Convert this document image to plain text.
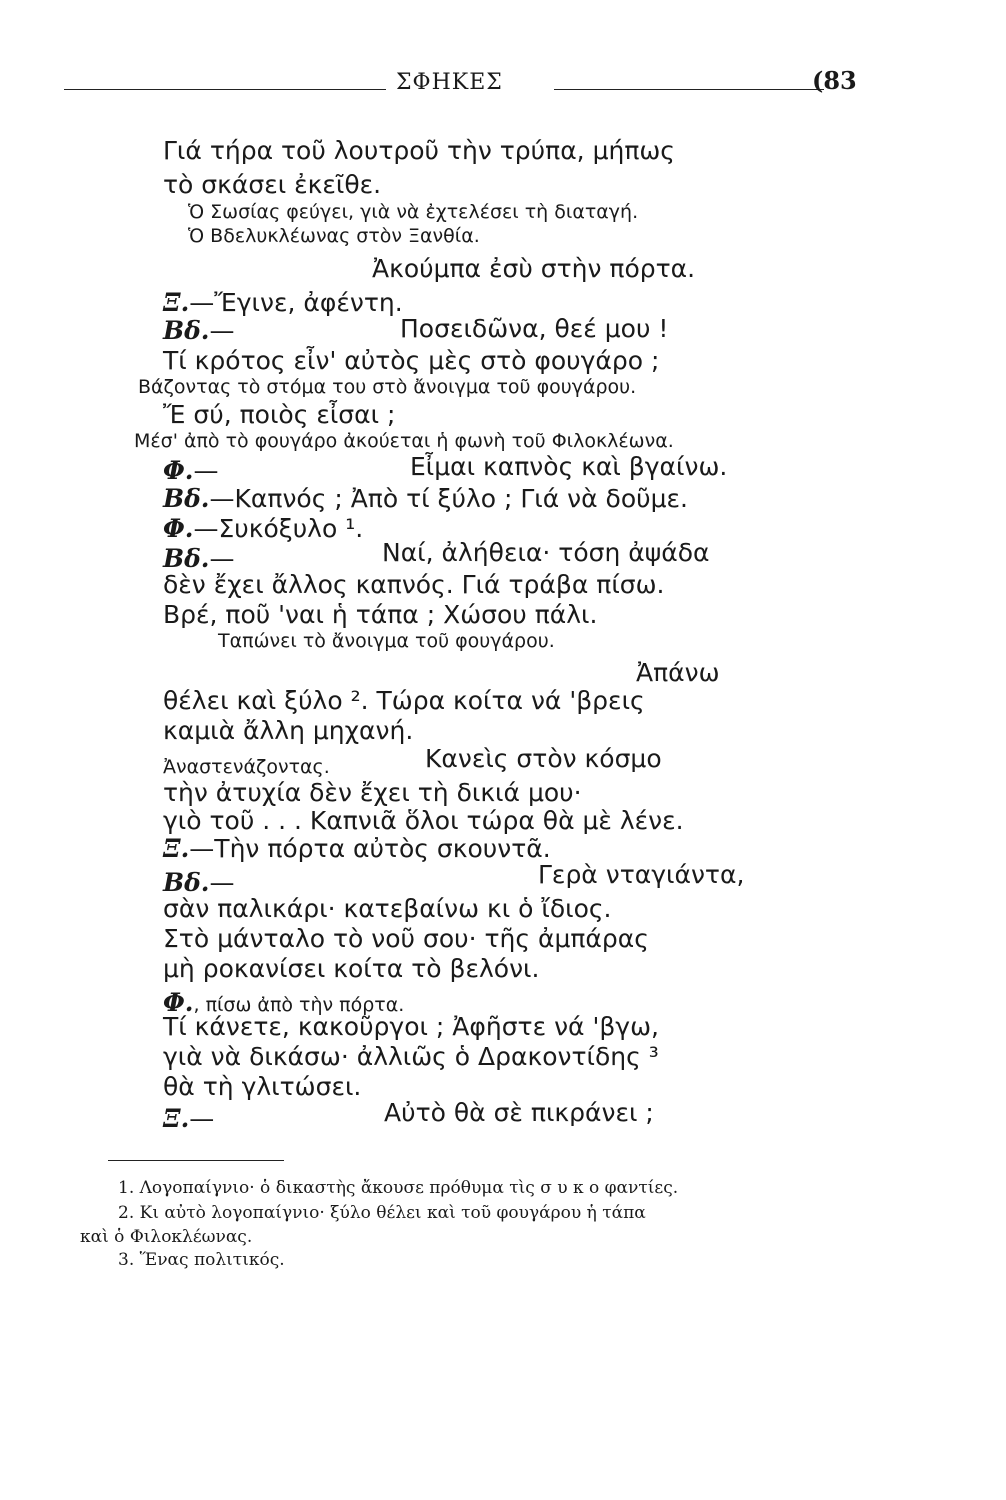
ΣΦΗΚΕΣ	(83
Γιά τήρα τοῦ λουτροῦ τὴν τρύπα, μήπως
τὸ σκάσει ἐκεῖθε.
Ὁ Σωσίας φεύγει, γιὰ νὰ ἐχτελέσει τὴ διαταγή.
Ὁ Βδελυκλέωνας στὸν Ξανθία.
Ἀκούμπα ἐσὺ στὴν πόρτα.
Ξ.—Ἔγινε, ἀφέντη.
Βδ.—	Ποσειδῶνα, θεέ μου !
Τί κρότος εἶν' αὐτὸς μὲς στὸ φουγάρο ;
Βάζοντας τὸ στόμα του στὸ ἄνοιγμα τοῦ φουγάρου.
Ἔ σύ, ποιὸς εἶσαι ;
Μέσ' ἀπὸ τὸ φουγάρο ἀκούεται ἡ φωνὴ τοῦ Φιλοκλέωνα.
Φ.—	Εἶμαι καπνὸς καὶ βγαίνω.
Βδ.—Καπνός ; Ἀπὸ τί ξύλο ; Γιά νὰ δοῦμε.
Φ.—Συκόξυλο ¹.
Βδ.—	Ναί, ἀλήθεια· τόση ἀψάδα
δὲν ἔχει ἄλλος καπνός. Γιά τράβα πίσω.
Βρέ, ποῦ 'ναι ἡ τάπα ; Χώσου πάλι.
Ταπώνει τὸ ἄνοιγμα τοῦ φουγάρου.
Ἀπάνω
θέλει καὶ ξύλο ². Τώρα κοίτα νά 'βρεις
καμιὰ ἄλλη μηχανή.
Ἀναστενάζοντας.	Κανεὶς στὸν κόσμο
τὴν ἀτυχία δὲν ἔχει τὴ δικιά μου·
γιὸ τοῦ . . . Καπνιᾶ ὅλοι τώρα θὰ μὲ λένε.
Ξ.—Τὴν πόρτα αὐτὸς σκουντᾶ.
Βδ.—	Γερὰ νταγιάντα,
σὰν παλικάρι· κατεβαίνω κι ὁ ἴδιος.
Στὸ μάνταλο τὸ νοῦ σου· τῆς ἀμπάρας
μὴ ροκανίσει κοίτα τὸ βελόνι.
Φ., πίσω ἀπὸ τὴν πόρτα.
Τί κάνετε, κακοῦργοι ; Ἀφῆστε νά 'βγω,
γιὰ νὰ δικάσω· ἀλλιῶς ὁ Δρακοντίδης ³
θὰ τὴ γλιτώσει.
Ξ.—	Αὐτὸ θὰ σὲ πικράνει ;
1. Λογοπαίγνιο· ὁ δικαστὴς ἄκουσε πρόθυμα τὶς σ υ κ ο φαντίες.
2. Κι αὐτὸ λογοπαίγνιο· ξύλο θέλει καὶ τοῦ φουγάρου ἡ τάπα
καὶ ὁ Φιλοκλέωνας.
3. Ἕνας πολιτικός.
